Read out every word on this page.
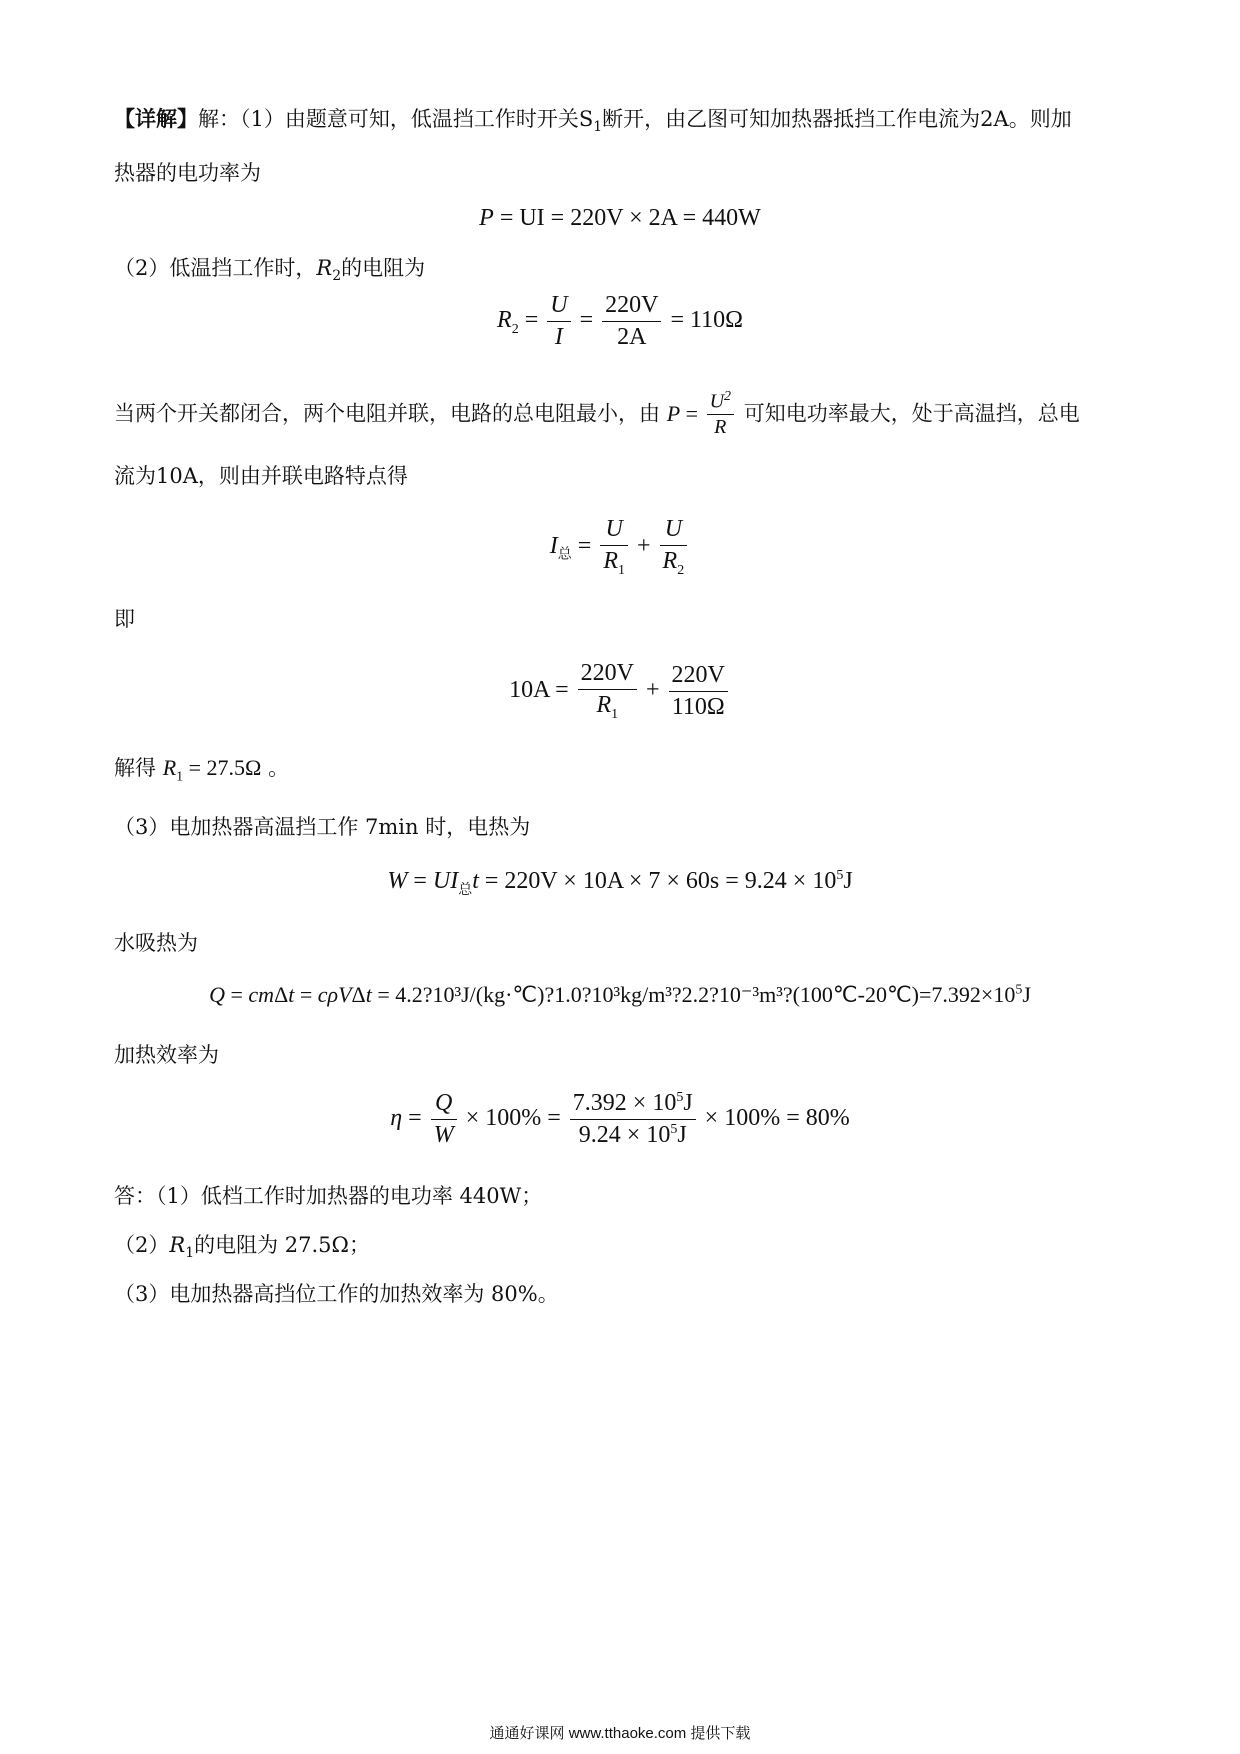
【详解】解：（1）由题意可知，低温挡工作时开关$S_1$断开，由乙图可知加热器抵挡工作电流为2A。则加
热器的电功率为
P = UI = 220V × 2A = 440W
（2）低温挡工作时，$R_2$的电阻为
$R_2 = \frac{U}{I} = \frac{220V}{2A} = 110\Omega$
当两个开关都闭合，两个电阻并联，电路的总电阻最小，由 $P = \frac{U^2}{R}$ 可知电功率最大，处于高温挡，总电
流为10A，则由并联电路特点得
$I_总 = \frac{U}{R_1} + \frac{U}{R_2}$
即
$10A = \frac{220V}{R_1} + \frac{220V}{110\Omega}$
解得 $R_1 = 27.5\Omega$ 。
（3）电加热器高温挡工作 7min 时，电热为
$W = UI_总t = 220V \times 10A \times 7 \times 60s = 9.24 \times 10^5J$
水吸热为
$Q = cm\Delta t = c\rho V\Delta t = 4.2?10^3J/(kg\cdot℃)?1.0?10^3kg/m^3?2.2?10^{-3}m^3?(100℃-20℃)=7.392\times 10^5J$
加热效率为
$\eta = \frac{Q}{W} \times 100\% = \frac{7.392 \times 10^5J}{9.24 \times 10^5J} \times 100\% = 80\%$
答：（1）低档工作时加热器的电功率 440W；
$(2)R_1$的电阻为 27.5Ω；
（3）电加热器高挡位工作的加热效率为 80%。
通通好课网 www.tthaoke.com 提供下载
